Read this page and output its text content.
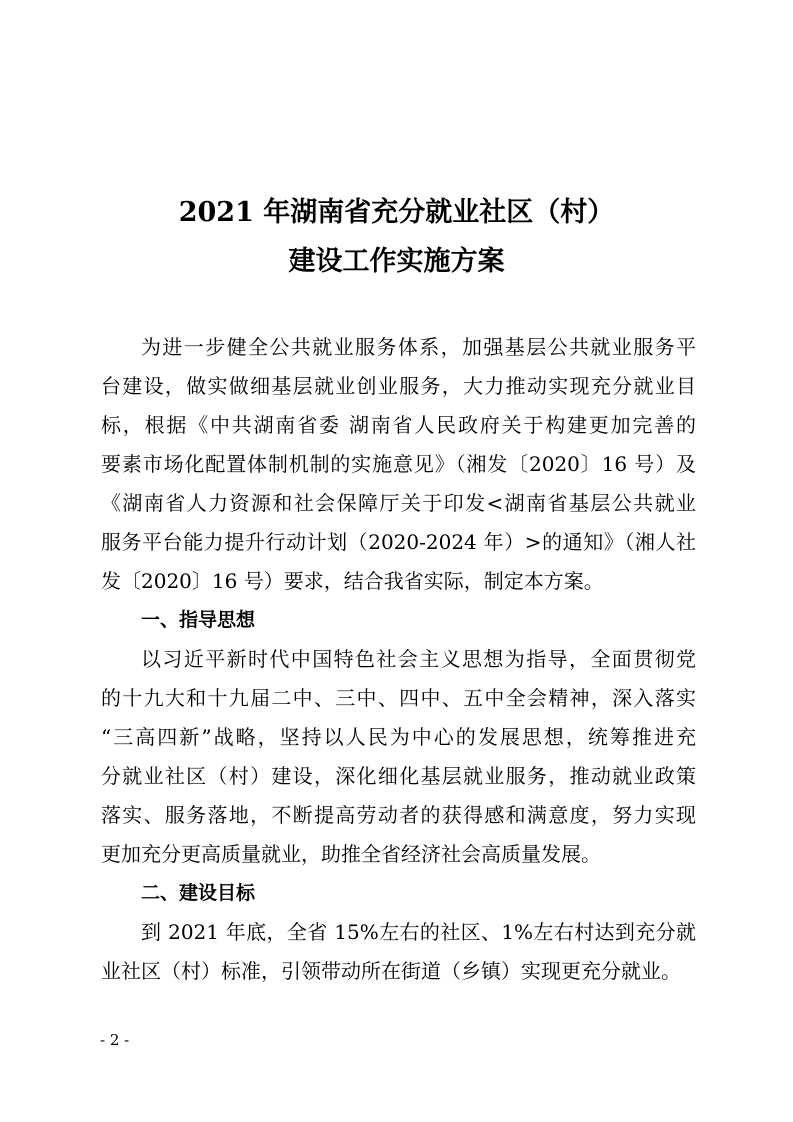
2021 年湖南省充分就业社区（村）
建设工作实施方案
为进一步健全公共就业服务体系，加强基层公共就业服务平
台建设，做实做细基层就业创业服务，大力推动实现充分就业目
标，根据《中共湖南省委 湖南省人民政府关于构建更加完善的
要素市场化配置体制机制的实施意见》（湘发〔2020〕16 号）及
《湖南省人力资源和社会保障厅关于印发<湖南省基层公共就业
服务平台能力提升行动计划（2020-2024 年）>的通知》（湘人社
发〔2020〕16 号）要求，结合我省实际，制定本方案。
一、指导思想
以习近平新时代中国特色社会主义思想为指导，全面贯彻党
的十九大和十九届二中、三中、四中、五中全会精神，深入落实
“三高四新”战略，坚持以人民为中心的发展思想，统筹推进充
分就业社区（村）建设，深化细化基层就业服务，推动就业政策
落实、服务落地，不断提高劳动者的获得感和满意度，努力实现
更加充分更高质量就业，助推全省经济社会高质量发展。
二、建设目标
到 2021 年底，全省 15%左右的社区、1%左右村达到充分就
业社区（村）标准，引领带动所在街道（乡镇）实现更充分就业。
- 2 -
